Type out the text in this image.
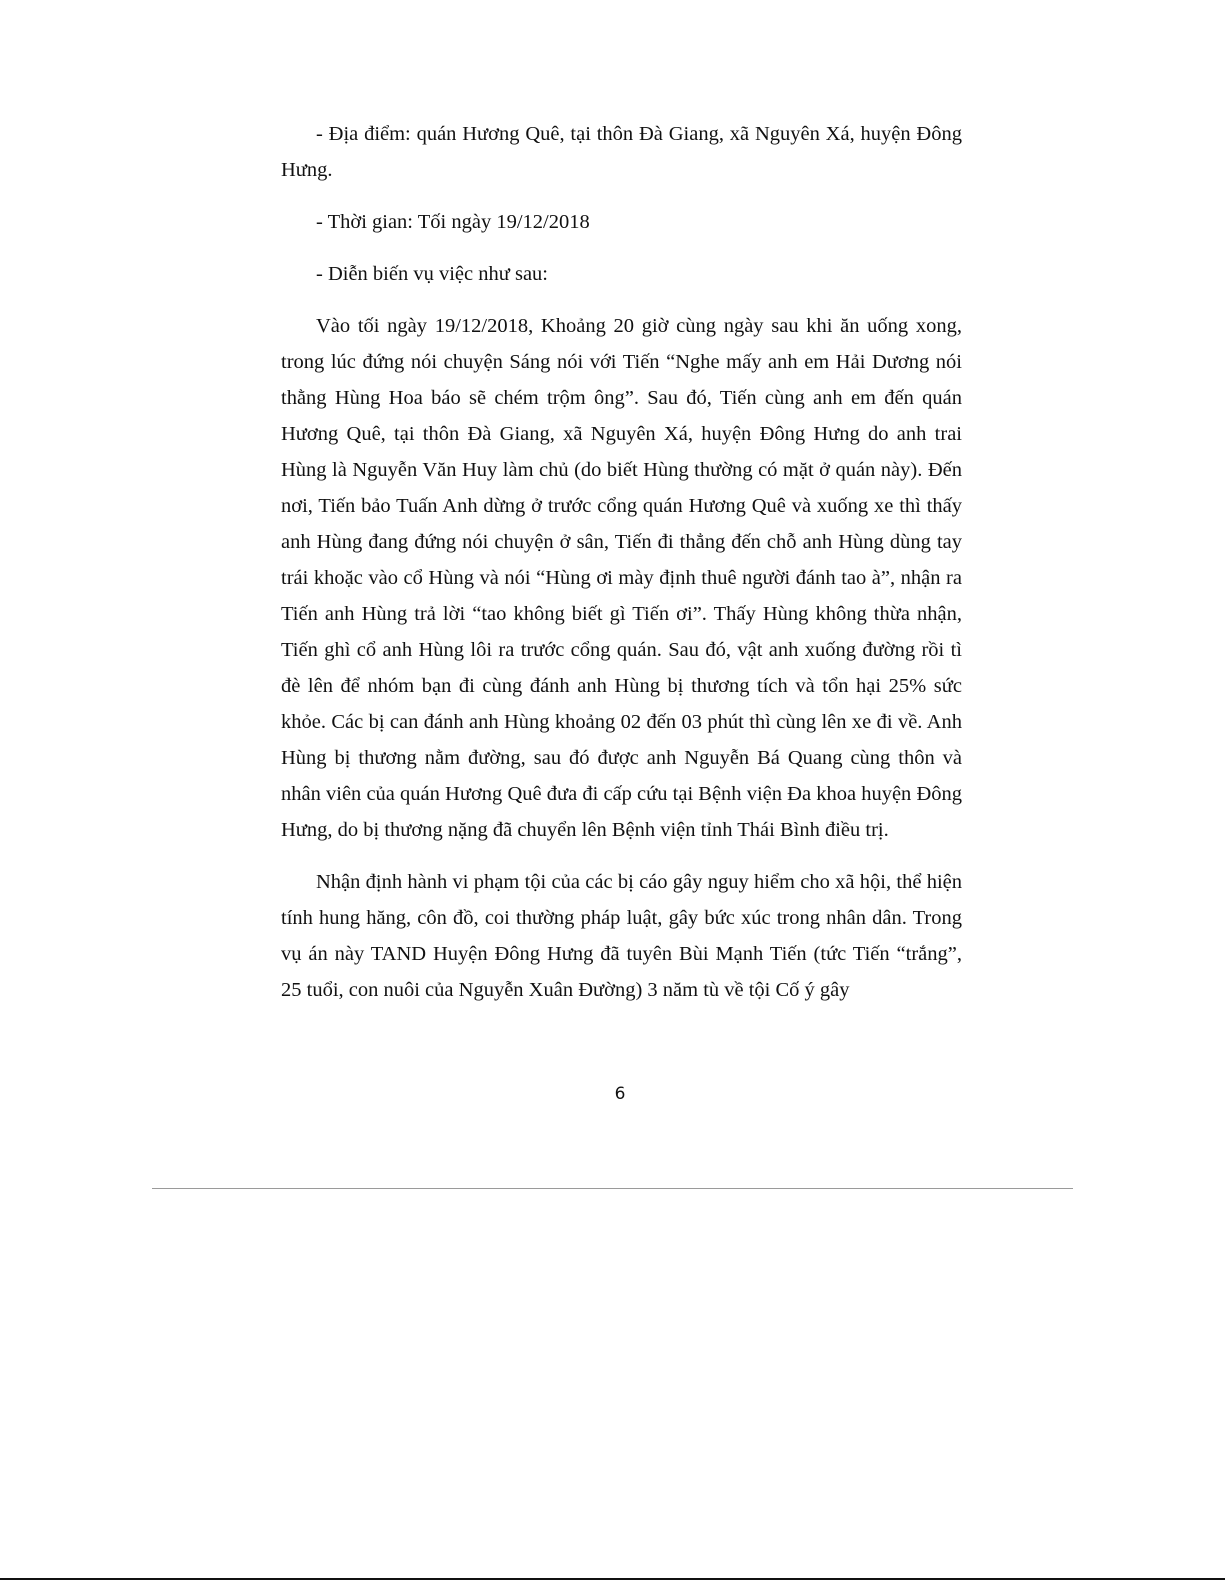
- Địa điểm: quán Hương Quê, tại thôn Đà Giang, xã Nguyên Xá, huyện Đông Hưng.

- Thời gian: Tối ngày 19/12/2018

- Diễn biến vụ việc như sau:

Vào tối ngày 19/12/2018, Khoảng 20 giờ cùng ngày sau khi ăn uống xong, trong lúc đứng nói chuyện Sáng nói với Tiến “Nghe mấy anh em Hải Dương nói thằng Hùng Hoa báo sẽ chém trộm ông”. Sau đó, Tiến cùng anh em đến quán Hương Quê, tại thôn Đà Giang, xã Nguyên Xá, huyện Đông Hưng do anh trai Hùng là Nguyễn Văn Huy làm chủ (do biết Hùng thường có mặt ở quán này). Đến nơi, Tiến bảo Tuấn Anh dừng ở trước cổng quán Hương Quê và xuống xe thì thấy anh Hùng đang đứng nói chuyện ở sân, Tiến đi thẳng đến chỗ anh Hùng dùng tay trái khoặc vào cổ Hùng và nói “Hùng ơi mày định thuê người đánh tao à”, nhận ra Tiến anh Hùng trả lời “tao không biết gì Tiến ơi”. Thấy Hùng không thừa nhận, Tiến ghì cổ anh Hùng lôi ra trước cổng quán. Sau đó, vật anh xuống đường rồi tì đè lên để nhóm bạn đi cùng đánh anh Hùng bị thương tích và tổn hại 25% sức khỏe. Các bị can đánh anh Hùng khoảng 02 đến 03 phút thì cùng lên xe đi về. Anh Hùng bị thương nằm đường, sau đó được anh Nguyễn Bá Quang cùng thôn và nhân viên của quán Hương Quê đưa đi cấp cứu tại Bệnh viện Đa khoa huyện Đông Hưng, do bị thương nặng đã chuyển lên Bệnh viện tỉnh Thái Bình điều trị.

Nhận định hành vi phạm tội của các bị cáo gây nguy hiểm cho xã hội, thể hiện tính hung hăng, côn đồ, coi thường pháp luật, gây bức xúc trong nhân dân. Trong vụ án này TAND Huyện Đông Hưng đã tuyên Bùi Mạnh Tiến (tức Tiến “trắng”, 25 tuổi, con nuôi của Nguyễn Xuân Đường) 3 năm tù về tội Cố ý gây

6
